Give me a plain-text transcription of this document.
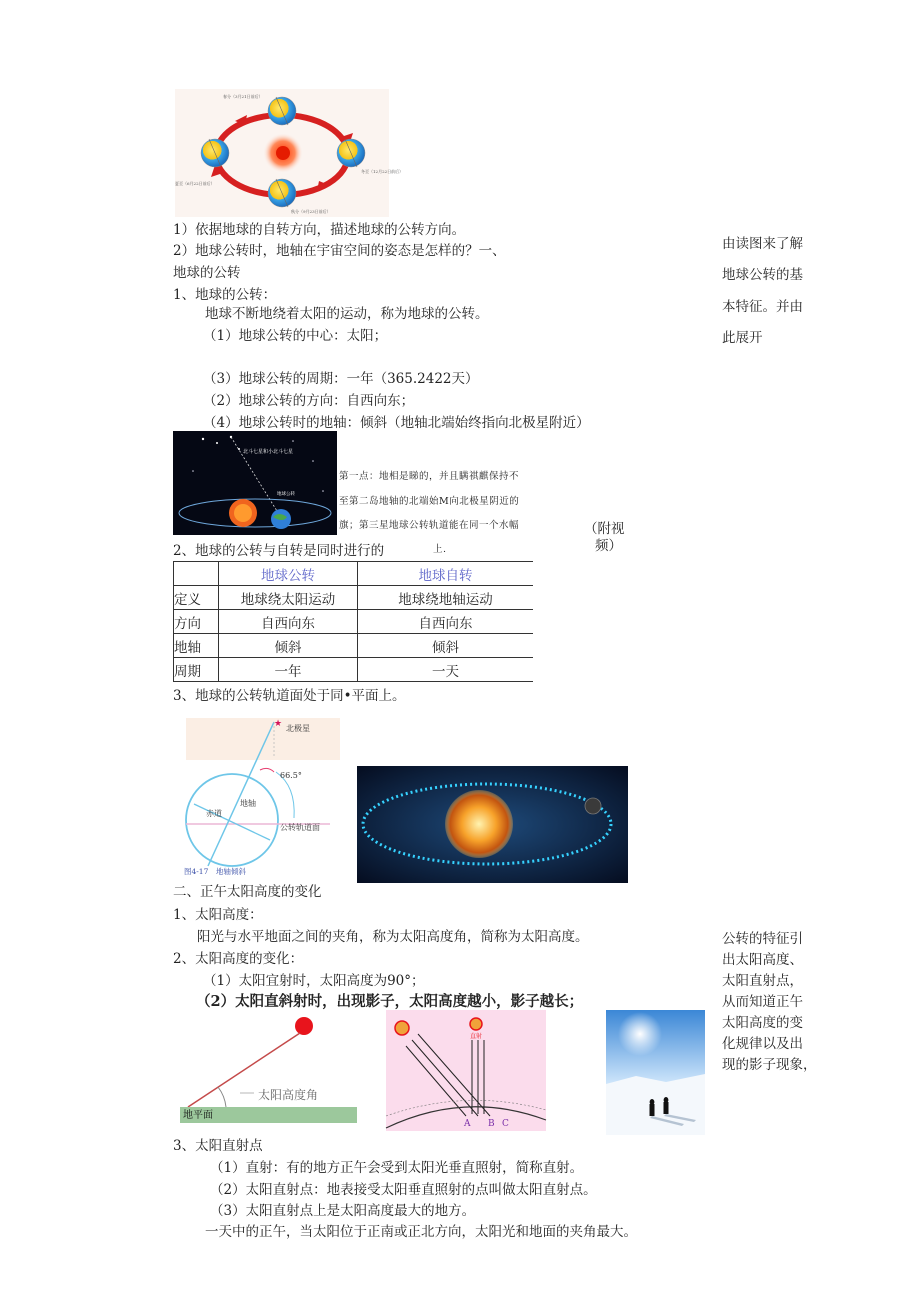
春分（3月21日前后）
秋分（9月23日前后）
夏至（6月22日前后）
冬至（12月22日前后）
1）依据地球的自转方向，描述地球的公转方向。
2）地球公转时，地轴在宇宙空间的姿态是怎样的？一、
地球的公转
1、地球的公转：
地球不断地绕着太阳的运动，称为地球的公转。
（1）地球公转的中心：太阳；
（3）地球公转的周期：一年（365.2422天）
（2）地球公转的方向：自西向东；
（4）地球公转时的地轴：倾斜（地轴北端始终指向北极星附近）
由读图来了解
地球公转的基
本特征。并由
此展开
北斗七星和小北斗七星
地球公转
第一点：地相是睇的，并且瞒祺麒保持不
至第二岛地轴的北端始M向北极星阴近的
旗；第三星地球公转轨道能在同一个水幅
上.
（附视
频）
2、地球的公转与自转是同时进行的
	地球公转	地球自转
定义	地球绕太阳运动	地球绕地轴运动
方向	自西向东	自西向东
地轴	倾斜	倾斜
周期	一年	一天
3、地球的公转轨道面处于同•平面上。
★ 北极星
66.5°
赤道
地轴
公转轨道面
图4-17　地轴倾斜
二、正午太阳高度的变化
1、太阳高度：
阳光与水平地面之间的夹角，称为太阳高度角，简称为太阳高度。
2、太阳高度的变化：
（1）太阳宜射时，太阳高度为90°；
（2）太阳直斜射时，出现影子，太阳高度越小，影子越长；
公转的特征引
出太阳高度、
太阳直射点，
从而知道正午
太阳高度的变
化规律以及出
现的影子现象，
太阳高度角
地平面
直射
A B C
3、太阳直射点
（1）直射：有的地方正午会受到太阳光垂直照射，简称直射。
（2）太阳直射点：地表接受太阳垂直照射的点叫做太阳直射点。
（3）太阳直射点上是太阳高度最大的地方。
一天中的正午，当太阳位于正南或正北方向，太阳光和地面的夹角最大。
